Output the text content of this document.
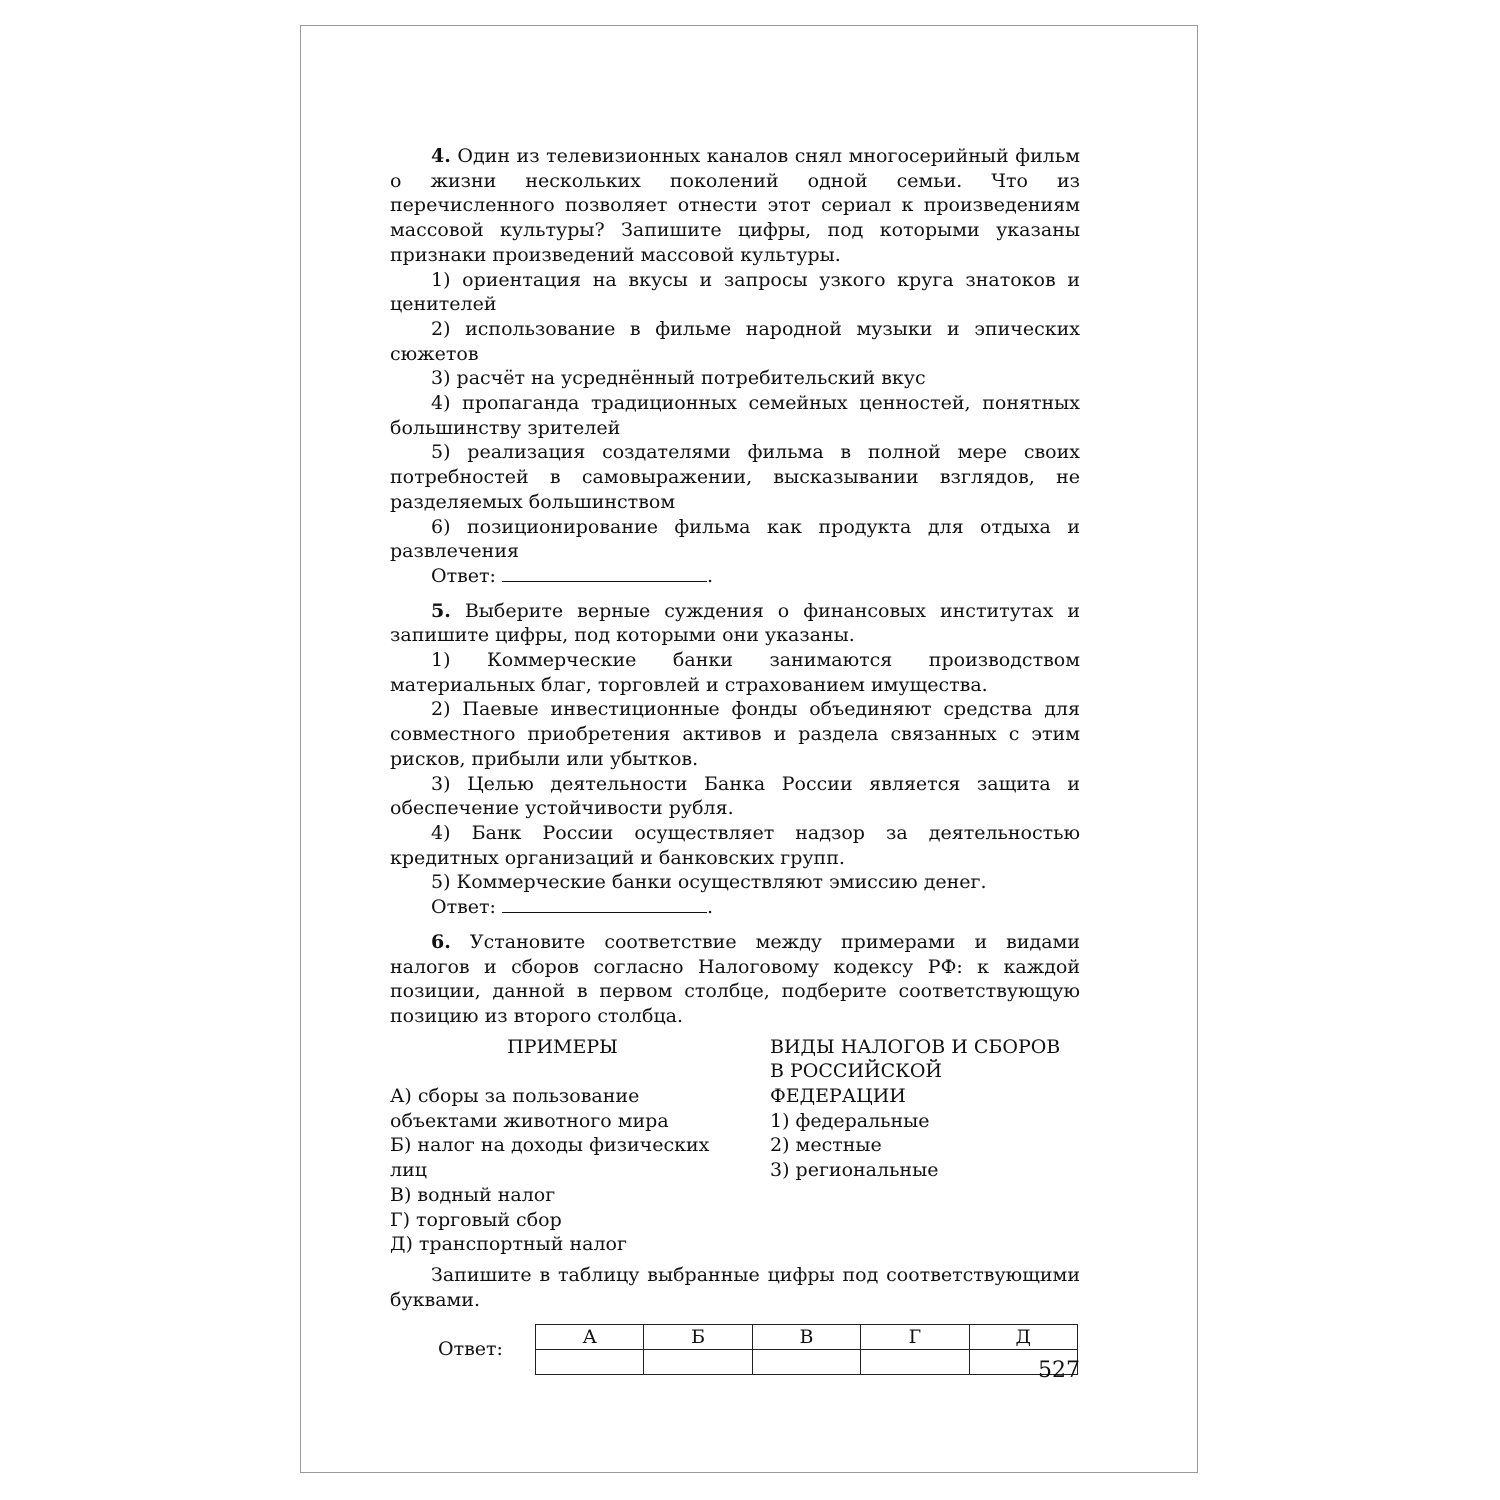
4. Один из телевизионных каналов снял многосерийный фильм о жизни нескольких поколений одной семьи. Что из перечисленного позволяет отнести этот сериал к произведениям массовой культуры? Запишите цифры, под которыми указаны признаки произведений массовой культуры.

1) ориентация на вкусы и запросы узкого круга знатоков и ценителей

2) использование в фильме народной музыки и эпических сюжетов

3) расчёт на усреднённый потребительский вкус

4) пропаганда традиционных семейных ценностей, понятных большинству зрителей

5) реализация создателями фильма в полной мере своих потребностей в самовыражении, высказывании взглядов, не разделяемых большинством

6) позиционирование фильма как продукта для отдыха и развлечения

Ответ:	.

5. Выберите верные суждения о финансовых институтах и запишите цифры, под которыми они указаны.

1) Коммерческие банки занимаются производством материальных благ, торговлей и страхованием имущества.

2) Паевые инвестиционные фонды объединяют средства для совместного приобретения активов и раздела связанных с этим рисков, прибыли или убытков.

3) Целью деятельности Банка России является защита и обеспечение устойчивости рубля.

4) Банк России осуществляет надзор за деятельностью кредитных организаций и банковских групп.

5) Коммерческие банки осуществляют эмиссию денег.

Ответ:	.

6. Установите соответствие между примерами и видами налогов и сборов согласно Налоговому кодексу РФ: к каждой позиции, данной в первом столбце, подберите соответствующую позицию из второго столбца.

ПРИМЕРЫ

А) сборы за пользование объектами животного мира

Б) налог на доходы физических лиц

В) водный налог

Г) торговый сбор

Д) транспортный налог

ВИДЫ НАЛОГОВ И СБОРОВ В РОССИЙСКОЙ ФЕДЕРАЦИИ

1) федеральные

2) местные

3) региональные

Запишите в таблицу выбранные цифры под соответствующими буквами.

Ответ:
А	Б	В	Г	Д

527
